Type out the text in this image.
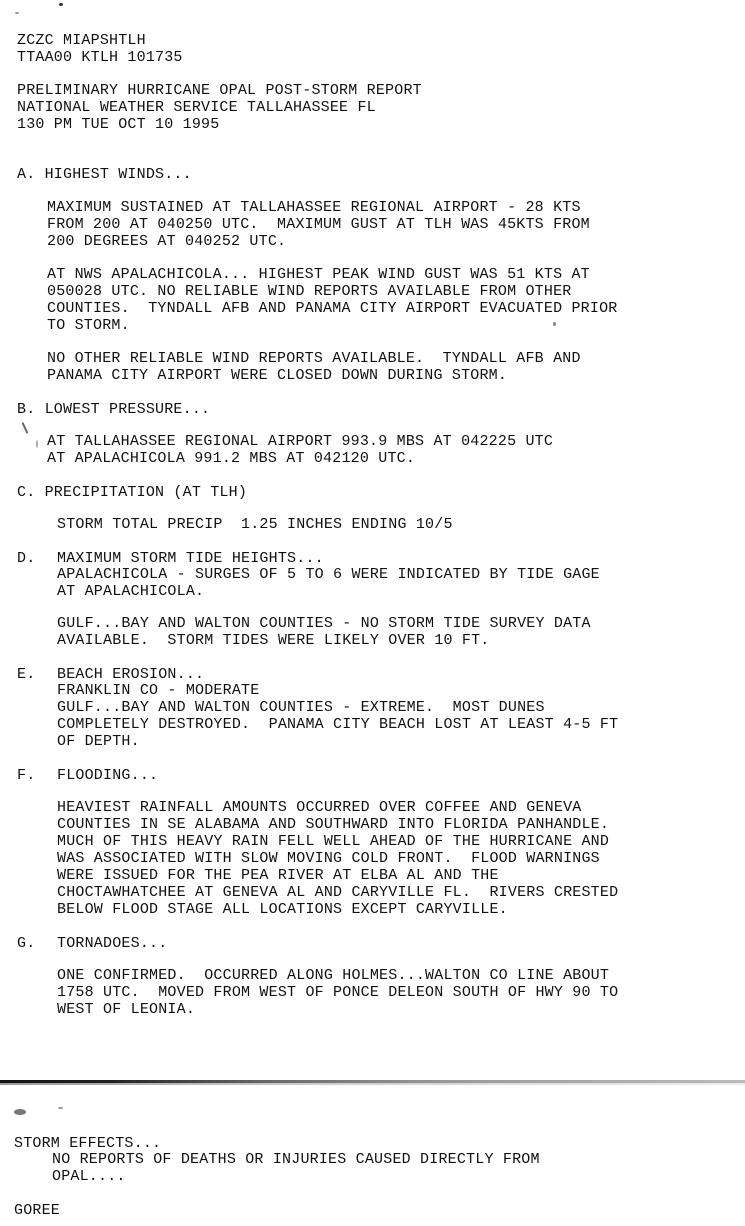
ZCZC MIAPSHTLH
TTAA00 KTLH 101735
PRELIMINARY HURRICANE OPAL POST-STORM REPORT
NATIONAL WEATHER SERVICE TALLAHASSEE FL
130 PM TUE OCT 10 1995
A. HIGHEST WINDS...
MAXIMUM SUSTAINED AT TALLAHASSEE REGIONAL AIRPORT - 28 KTS
FROM 200 AT 040250 UTC.  MAXIMUM GUST AT TLH WAS 45KTS FROM
200 DEGREES AT 040252 UTC.
AT NWS APALACHICOLA... HIGHEST PEAK WIND GUST WAS 51 KTS AT
050028 UTC. NO RELIABLE WIND REPORTS AVAILABLE FROM OTHER
COUNTIES.  TYNDALL AFB AND PANAMA CITY AIRPORT EVACUATED PRIOR
TO STORM.
NO OTHER RELIABLE WIND REPORTS AVAILABLE.  TYNDALL AFB AND
PANAMA CITY AIRPORT WERE CLOSED DOWN DURING STORM.
B. LOWEST PRESSURE...
AT TALLAHASSEE REGIONAL AIRPORT 993.9 MBS AT 042225 UTC
AT APALACHICOLA 991.2 MBS AT 042120 UTC.
C. PRECIPITATION (AT TLH)
STORM TOTAL PRECIP  1.25 INCHES ENDING 10/5
D. MAXIMUM STORM TIDE HEIGHTS...
APALACHICOLA - SURGES OF 5 TO 6 WERE INDICATED BY TIDE GAGE
AT APALACHICOLA.
GULF...BAY AND WALTON COUNTIES - NO STORM TIDE SURVEY DATA
AVAILABLE.  STORM TIDES WERE LIKELY OVER 10 FT.
E. BEACH EROSION...
FRANKLIN CO - MODERATE
GULF...BAY AND WALTON COUNTIES - EXTREME.  MOST DUNES
COMPLETELY DESTROYED.  PANAMA CITY BEACH LOST AT LEAST 4-5 FT
OF DEPTH.
F. FLOODING...
HEAVIEST RAINFALL AMOUNTS OCCURRED OVER COFFEE AND GENEVA
COUNTIES IN SE ALABAMA AND SOUTHWARD INTO FLORIDA PANHANDLE.
MUCH OF THIS HEAVY RAIN FELL WELL AHEAD OF THE HURRICANE AND
WAS ASSOCIATED WITH SLOW MOVING COLD FRONT.  FLOOD WARNINGS
WERE ISSUED FOR THE PEA RIVER AT ELBA AL AND THE
CHOCTAWHATCHEE AT GENEVA AL AND CARYVILLE FL.  RIVERS CRESTED
BELOW FLOOD STAGE ALL LOCATIONS EXCEPT CARYVILLE.
G. TORNADOES...
ONE CONFIRMED.  OCCURRED ALONG HOLMES...WALTON CO LINE ABOUT
1758 UTC.  MOVED FROM WEST OF PONCE DELEON SOUTH OF HWY 90 TO
WEST OF LEONIA.
STORM EFFECTS...
NO REPORTS OF DEATHS OR INJURIES CAUSED DIRECTLY FROM
OPAL....
GOREE
